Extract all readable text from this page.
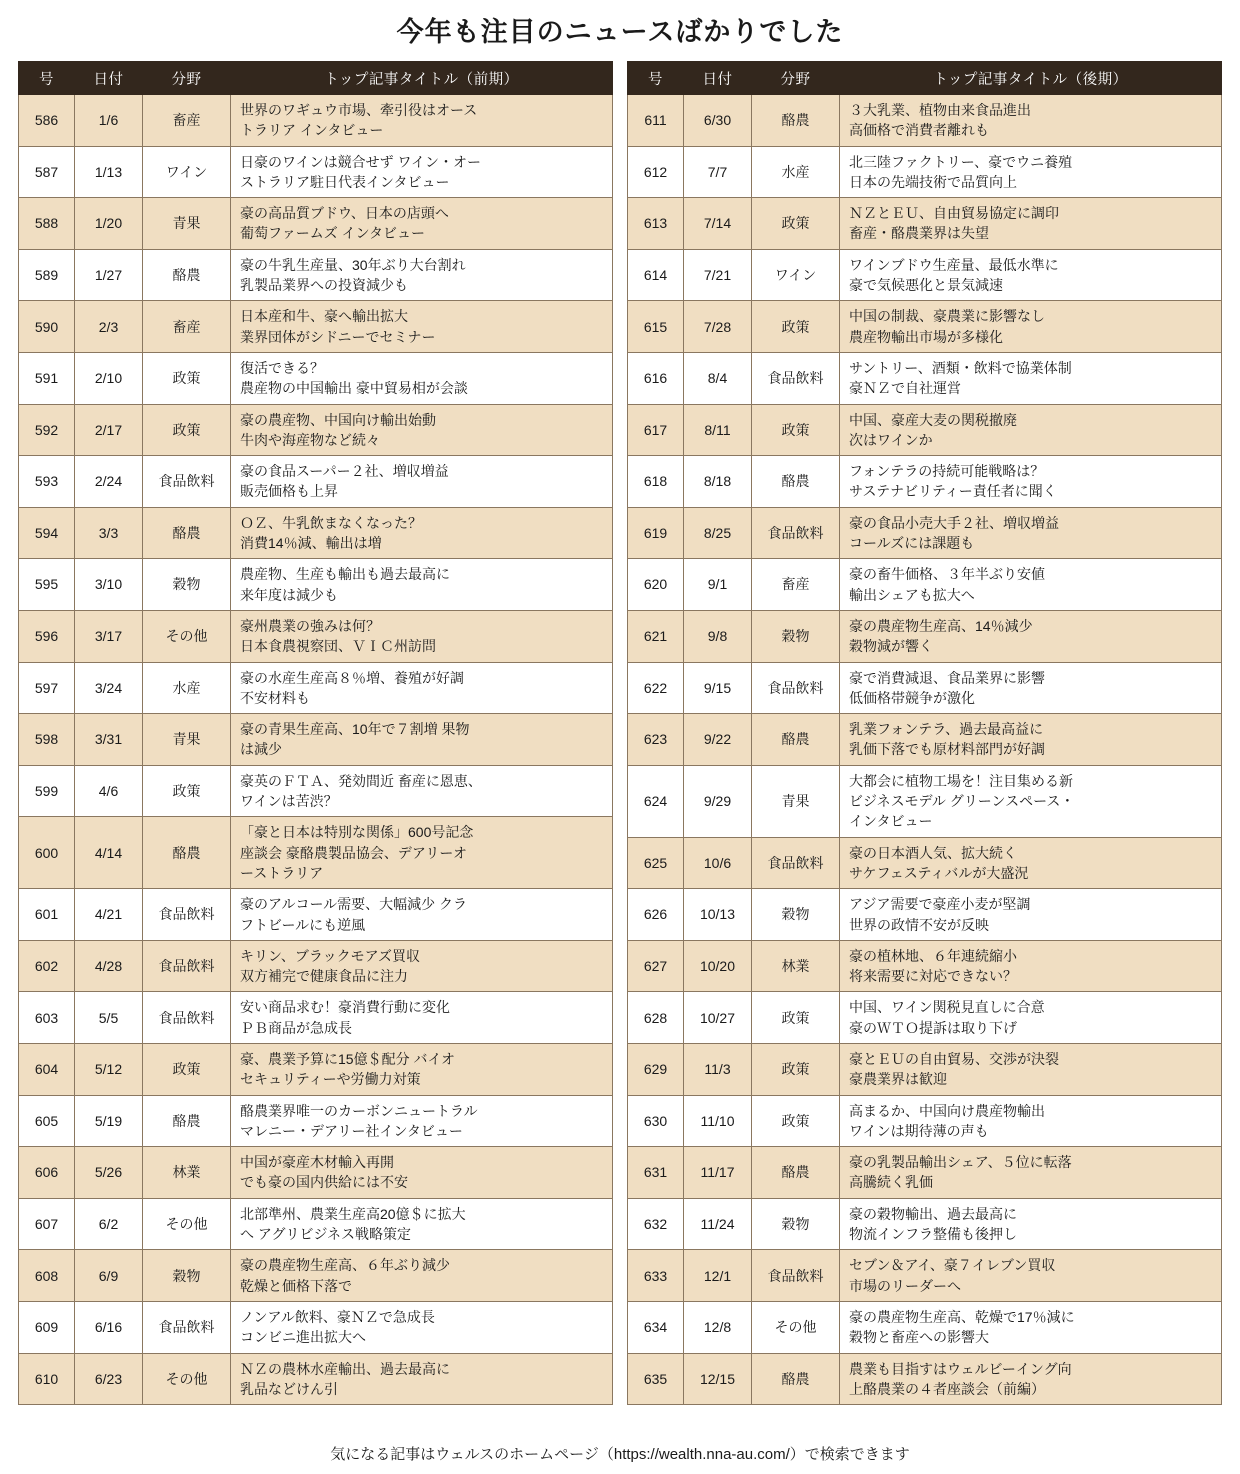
今年も注目のニュースばかりでした
号	日付	分野	トップ記事タイトル（前期）
586	1/6	畜産	世界のワギュウ市場、牽引役はオース
トラリア インタビュー

587	1/13	ワイン	日豪のワインは競合せず ワイン・オー
ストラリア駐日代表インタビュー

588	1/20	青果	豪の高品質ブドウ、日本の店頭へ
葡萄ファームズ インタビュー

589	1/27	酪農	豪の牛乳生産量、30年ぶり大台割れ
乳製品業界への投資減少も

590	2/3	畜産	日本産和牛、豪へ輸出拡大
業界団体がシドニーでセミナー

591	2/10	政策	復活できる？
農産物の中国輸出 豪中貿易相が会談

592	2/17	政策	豪の農産物、中国向け輸出始動
牛肉や海産物など続々

593	2/24	食品飲料	豪の食品スーパー２社、増収増益
販売価格も上昇

594	3/3	酪農	ＯＺ、牛乳飲まなくなった？
消費14％減、輸出は増

595	3/10	穀物	農産物、生産も輸出も過去最高に
来年度は減少も

596	3/17	その他	豪州農業の強みは何？
日本食農視察団、ＶＩＣ州訪問

597	3/24	水産	豪の水産生産高８％増、養殖が好調
不安材料も

598	3/31	青果	豪の青果生産高、10年で７割増 果物
は減少

599	4/6	政策	豪英のＦＴＡ、発効間近 畜産に恩恵、
ワインは苦渋？

600	4/14	酪農	「豪と日本は特別な関係」600号記念
座談会 豪酪農製品協会、デアリーオ
ーストラリア

601	4/21	食品飲料	豪のアルコール需要、大幅減少 クラ
フトビールにも逆風

602	4/28	食品飲料	キリン、ブラックモアズ買収
双方補完で健康食品に注力

603	5/5	食品飲料	安い商品求む！豪消費行動に変化
ＰＢ商品が急成長

604	5/12	政策	豪、農業予算に15億＄配分 バイオ
セキュリティーや労働力対策

605	5/19	酪農	酪農業界唯一のカーボンニュートラル
マレニー・デアリー社インタビュー

606	5/26	林業	中国が豪産木材輸入再開
でも豪の国内供給には不安

607	6/2	その他	北部準州、農業生産高20億＄に拡大
へ アグリビジネス戦略策定

608	6/9	穀物	豪の農産物生産高、６年ぶり減少
乾燥と価格下落で

609	6/16	食品飲料	ノンアル飲料、豪ＮＺで急成長
コンビニ進出拡大へ

610	6/23	その他	ＮＺの農林水産輸出、過去最高に
乳品などけん引
号	日付	分野	トップ記事タイトル（後期）
611	6/30	酪農	３大乳業、植物由来食品進出
高価格で消費者離れも

612	7/7	水産	北三陸ファクトリー、豪でウニ養殖
日本の先端技術で品質向上

613	7/14	政策	ＮＺとＥＵ、自由貿易協定に調印
畜産・酪農業界は失望

614	7/21	ワイン	ワインブドウ生産量、最低水準に
豪で気候悪化と景気減速

615	7/28	政策	中国の制裁、豪農業に影響なし
農産物輸出市場が多様化

616	8/4	食品飲料	サントリー、酒類・飲料で協業体制
豪ＮＺで自社運営

617	8/11	政策	中国、豪産大麦の関税撤廃
次はワインか

618	8/18	酪農	フォンテラの持続可能戦略は？
サステナビリティー責任者に聞く

619	8/25	食品飲料	豪の食品小売大手２社、増収増益
コールズには課題も

620	9/1	畜産	豪の畜牛価格、３年半ぶり安値
輸出シェアも拡大へ

621	9/8	穀物	豪の農産物生産高、14％減少
穀物減が響く

622	9/15	食品飲料	豪で消費減退、食品業界に影響
低価格帯競争が激化

623	9/22	酪農	乳業フォンテラ、過去最高益に
乳価下落でも原材料部門が好調

624	9/29	青果	大都会に植物工場を！注目集める新
ビジネスモデル グリーンスペース・
インタビュー

625	10/6	食品飲料	豪の日本酒人気、拡大続く
サケフェスティバルが大盛況

626	10/13	穀物	アジア需要で豪産小麦が堅調
世界の政情不安が反映

627	10/20	林業	豪の植林地、６年連続縮小
将来需要に対応できない？

628	10/27	政策	中国、ワイン関税見直しに合意
豪のＷＴＯ提訴は取り下げ

629	11/3	政策	豪とＥＵの自由貿易、交渉が決裂
豪農業界は歓迎

630	11/10	政策	高まるか、中国向け農産物輸出
ワインは期待薄の声も

631	11/17	酪農	豪の乳製品輸出シェア、５位に転落
高騰続く乳価

632	11/24	穀物	豪の穀物輸出、過去最高に
物流インフラ整備も後押し

633	12/1	食品飲料	セブン＆アイ、豪７イレブン買収
市場のリーダーへ

634	12/8	その他	豪の農産物生産高、乾燥で17％減に
穀物と畜産への影響大

635	12/15	酪農	農業も目指すはウェルビーイング向
上酪農業の４者座談会（前編）
気になる記事はウェルスのホームページ（https://wealth.nna-au.com/）で検索できます
